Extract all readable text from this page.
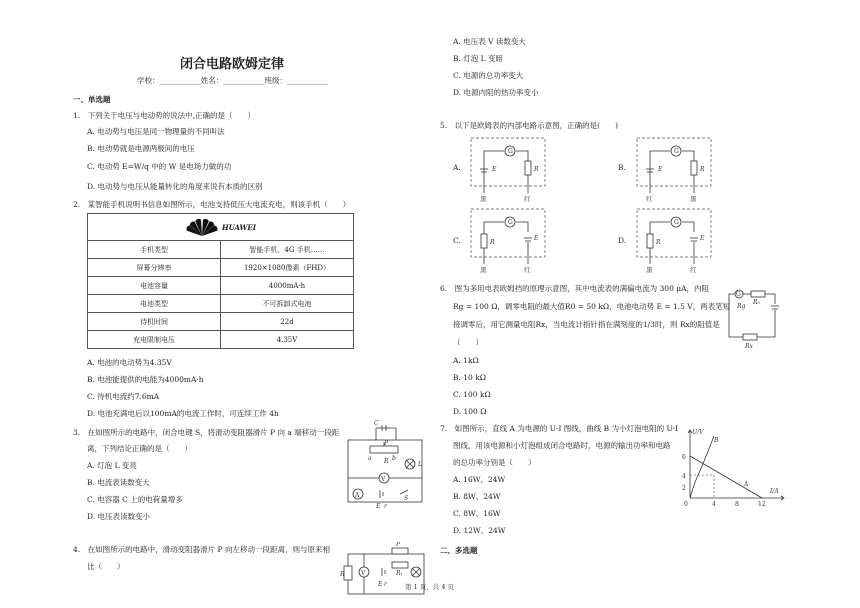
闭合电路欧姆定律
学校：___________姓名：___________班级：___________
一、单选题
1.　下列关于电压与电动势的说法中,正确的是（　　）
A. 电动势与电压是同一物理量的不同叫法
B. 电动势就是电源两极间的电压
C. 电动势 E=W/q 中的 W 是电场力做的功
D. 电动势与电压从能量转化的角度来说有本质的区别
2.　某智能手机说明书信息如图所示，电池支持低压大电流充电，则该手机（　　）
HUAWEI	

手机类型	智能手机、4G 手机……
屏幕分辨率	1920×1080像素（FHD）
电池容量	4000mA·h
电池类型	不可拆卸式电池
待机时间	22d
充电限制电压	4.35V
A. 电池的电动势为4.35V
B. 电池能提供的电能为4000mA·h
C. 待机电流约7.6mA
D. 电池充满电后以100mA的电流工作时，可连续工作 4h
3.　在如图所示的电路中，闭合电键 S，将滑动变阻器滑片 P 向 a 端移动一段距
离，下列结论正确的是（　　）
A. 灯泡 L 变亮
B. 电流表读数变大
C. 电容器 C 上的电荷量增多
D. 电压表读数变小
C
a	b
P
R	L
V
A
E r
S
4.　在如图所示的电路中，滑动变阻器滑片 P 向左移动一段距离，则与原来相
比（　　）
R	V
E r
P
R₁
A. 电压表 V 读数变大
B. 灯泡 L 变暗
C. 电源的总功率变大
D. 电源内阻的热功率变小
5.　以下是欧姆表的内部电路示意图，正确的是(　　)
A.	B.
C.	D.
G
E	R
黑	红
G
E	R
红	黑
G
R
E
黑	红
G
R
E
黑	红
6.　图为多用电表欧姆挡的原理示意图，其中电流表的满偏电流为 300 μA，内阻
Rg = 100 Ω，调零电阻的最大值R0 = 50 kΩ，电池电动势 E = 1.5 V，两表笔短
接调零后，用它测量电阻Rx，当电流计指针指在满刻度的1/3时，则 Rx的阻值是
（　　）
A. 1kΩ
B. 10 kΩ
C. 100 kΩ
D. 100 Ω
G
Rg
R₀
Rx
7.　如图所示，直线 A 为电源的 U-I 图线，曲线 B 为小灯泡电阻的 U-I
图线，用该电源和小灯泡组成闭合电路时，电源的输出功率和电路
的总功率分别是（　　）
A. 16W、24W
B. 8W、24W
C. 8W、16W
D. 12W、24W
U/V
I/A
6
4
2
0	4	8	12
A
B
二、多选题
第 1 页，共 4 页
